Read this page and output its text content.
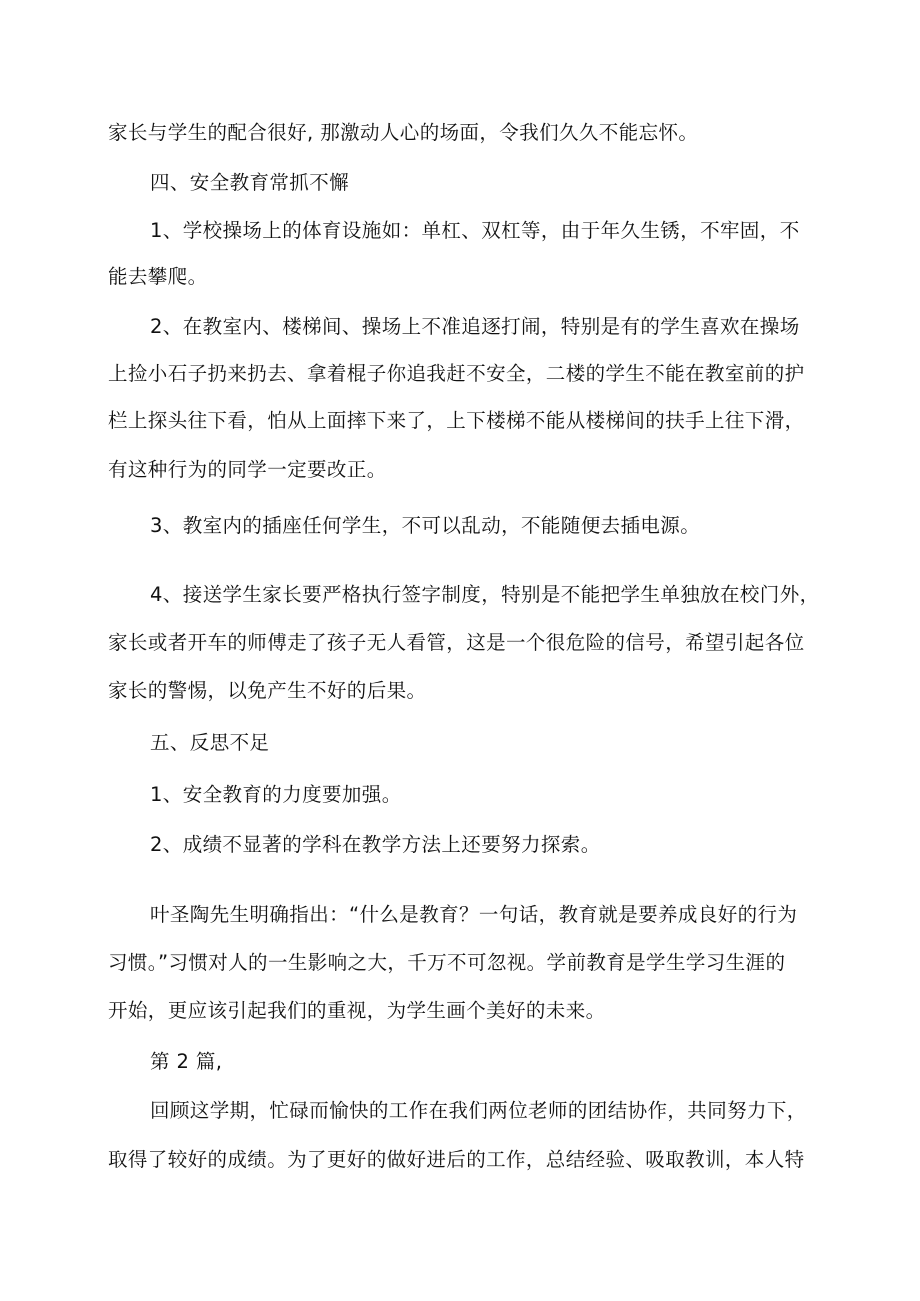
家长与学生的配合很好, 那激动人心的场面，令我们久久不能忘怀。
四、安全教育常抓不懈
1、学校操场上的体育设施如：单杠、双杠等，由于年久生锈，不牢固，不
能去攀爬。
2、在教室内、楼梯间、操场上不准追逐打闹，特别是有的学生喜欢在操场
上捡小石子扔来扔去、拿着棍子你追我赶不安全，二楼的学生不能在教室前的护
栏上探头往下看，怕从上面摔下来了，上下楼梯不能从楼梯间的扶手上往下滑，
有这种行为的同学一定要改正。
3、教室内的插座任何学生，不可以乱动，不能随便去插电源。
4、接送学生家长要严格执行签字制度，特别是不能把学生单独放在校门外，
家长或者开车的师傅走了孩子无人看管，这是一个很危险的信号，希望引起各位
家长的警惕，以免产生不好的后果。
五、反思不足
1、安全教育的力度要加强。
2、成绩不显著的学科在教学方法上还要努力探索。
叶圣陶先生明确指出：“什么是教育？一句话，教育就是要养成良好的行为
习惯。”习惯对人的一生影响之大，千万不可忽视。学前教育是学生学习生涯的
开始，更应该引起我们的重视，为学生画个美好的未来。
第 2 篇,
回顾这学期，忙碌而愉快的工作在我们两位老师的团结协作，共同努力下，
取得了较好的成绩。为了更好的做好进后的工作，总结经验、吸取教训，本人特
